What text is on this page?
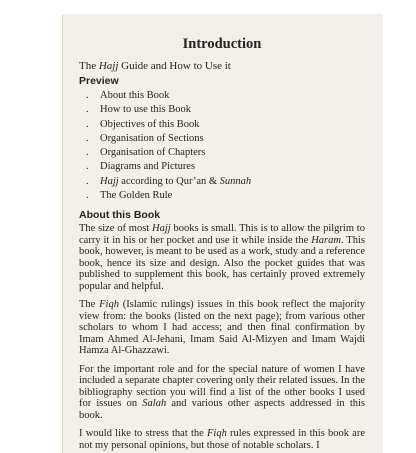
Introduction
The Hajj Guide and How to Use it
Preview
.	About this Book
.	How to use this Book
.	Objectives of this Book
.	Organisation of Sections
.	Organisation of Chapters
.	Diagrams and Pictures
.	Hajj according to Qur’an & Sunnah
.	The Golden Rule
About this Book

The size of most Hajj books is small. This is to allow the pilgrim to carry it in his or her pocket and use it while inside the Haram. This book, however, is meant to be used as a work, study and a reference book, hence its size and design. Also the pocket guides that was published to supplement this book, has certainly proved extremely popular and helpful.

The Fiqh (Islamic rulings) issues in this book reflect the majority view from: the books (listed on the next page); from various other scholars to whom I had access; and then final confirmation by Imam Ahmed Al-Jehani, Imam Said Al-Mizyen and Imam Wajdi Hamza Al-Ghazzawi.

For the important role and for the special nature of women I have included a separate chapter covering only their related issues. In the bibliography section you will find a list of the other books I used for issues on Salah and various other aspects addressed in this book.

I would like to stress that the Fiqh rules expressed in this book are not my personal opinions, but those of notable scholars. I
